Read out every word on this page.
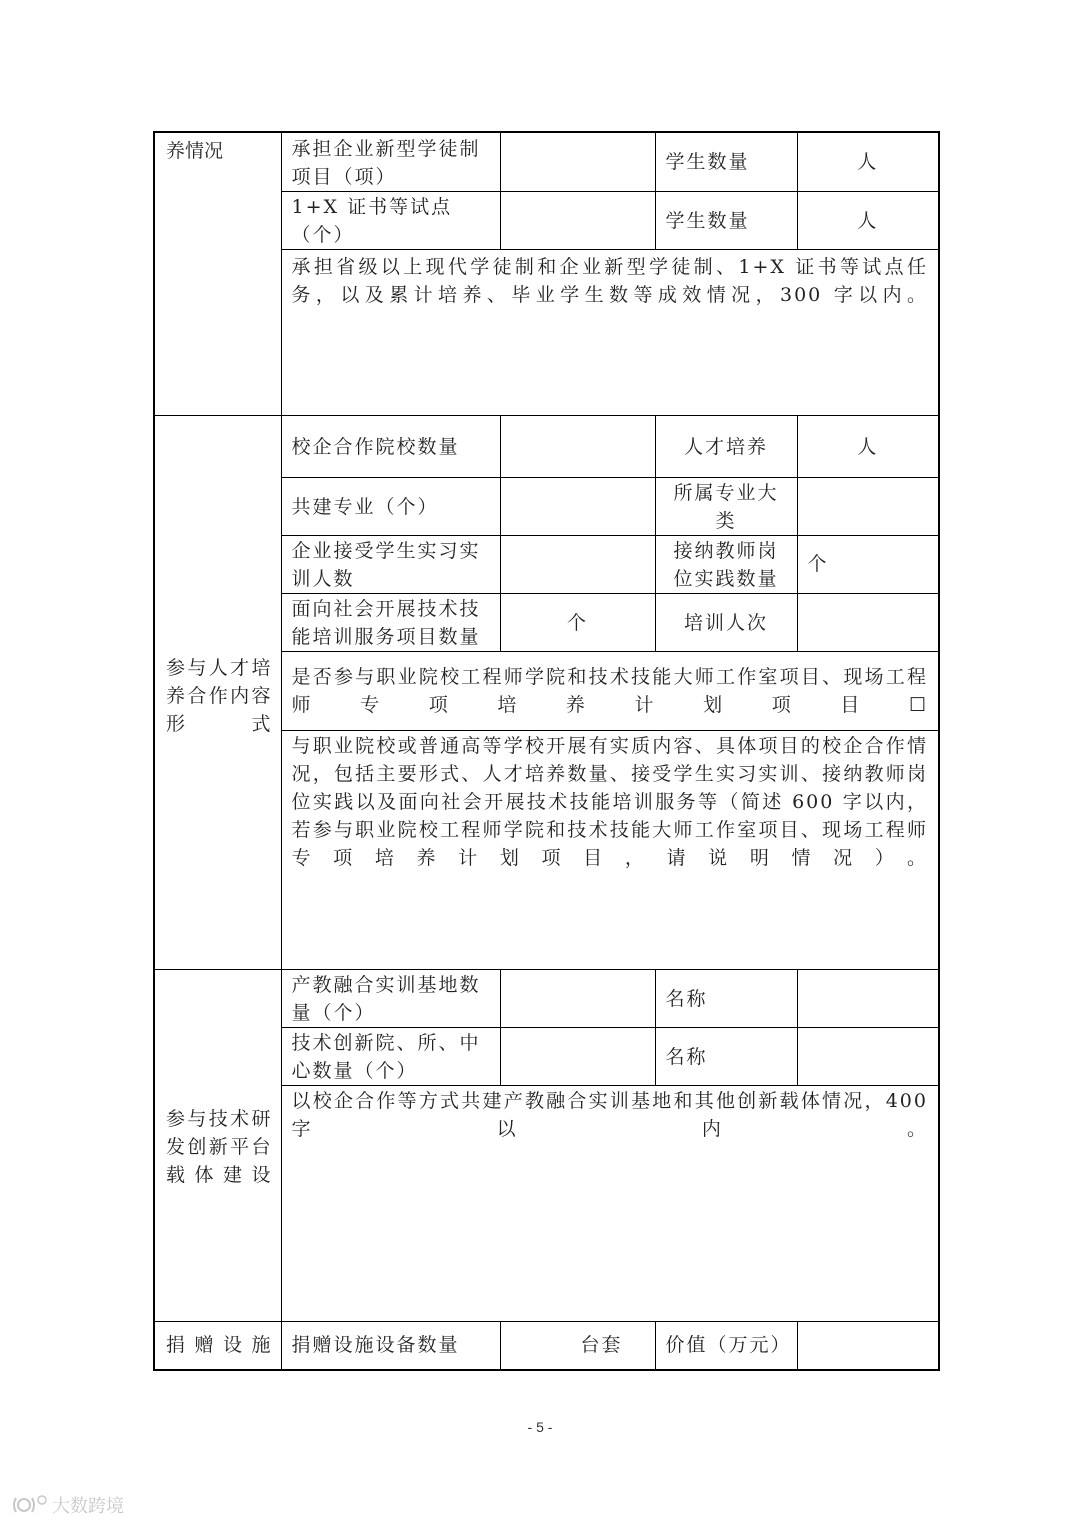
养情况	承担企业新型学徒制项目（项）		学生数量	人
	1+X 证书等试点（个）		学生数量	人

	承担省级以上现代学徒制和企业新型学徒制、1+X 证书等试点任务，以及累计培养、毕业学生数等成效情况，300 字以内。			

参与人才培养合作内容形式	校企合作院校数量		人才培养	人
	共建专业（个）		所属专业大类	
	企业接受学生实习实训人数		接纳教师岗位实践数量	个
	面向社会开展技术技能培训服务项目数量	个	培训人次	

	是否参与职业院校工程师学院和技术技能大师工作室项目、现场工程师专项培养计划项目☐			

	与职业院校或普通高等学校开展有实质内容、具体项目的校企合作情况，包括主要形式、人才培养数量、接受学生实习实训、接纳教师岗位实践以及面向社会开展技术技能培训服务等（简述 600 字以内，若参与职业院校工程师学院和技术技能大师工作室项目、现场工程师专项培养计划项目，请说明情况）。			

参与技术研发创新平台载体建设	产教融合实训基地数量（个）		名称	
	技术创新院、所、中心数量（个）		名称	

	以校企合作等方式共建产教融合实训基地和其他创新载体情况，400 字以内。			

捐赠设施	捐赠设施设备数量	台套	价值（万元）	
- 5 -
大数跨境
